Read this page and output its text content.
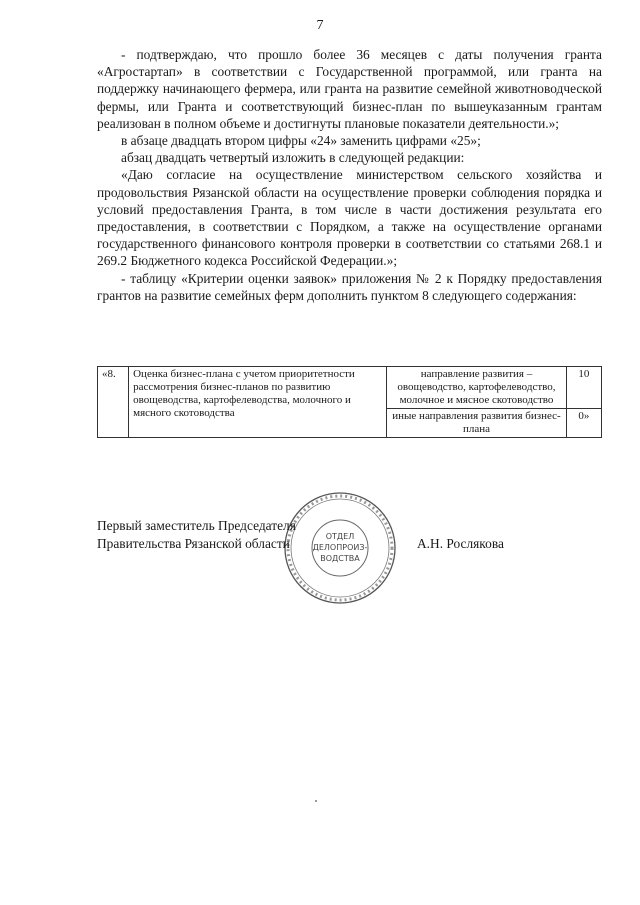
7

- подтверждаю, что прошло более 36 месяцев с даты получения гранта «Агростартап» в соответствии с Государственной программой, или гранта на поддержку начинающего фермера, или гранта на развитие семейной животноводческой фермы, или Гранта и соответствующий бизнес-план по вышеуказанным грантам реализован в полном объеме и достигнуты плановые показатели деятельности.»;

в абзаце двадцать втором цифры «24» заменить цифрами «25»;

абзац двадцать четвертый изложить в следующей редакции:

«Даю согласие на осуществление министерством сельского хозяйства и продовольствия Рязанской области на осуществление проверки соблюдения порядка и условий предоставления Гранта, в том числе в части достижения результата его предоставления, в соответствии с Порядком, а также на осуществление органами государственного финансового контроля проверки в соответствии со статьями 268.1 и 269.2 Бюджетного кодекса Российской Федерации.»;

- таблицу «Критерии оценки заявок» приложения № 2 к Порядку предоставления грантов на развитие семейных ферм дополнить пунктом 8 следующего содержания:

«8.	Оценка бизнес-плана с учетом приоритетности рассмотрения бизнес-планов по развитию овощеводства, картофелеводства, молочного и мясного скотоводства	направление развития – овощеводство, картофелеводство, молочное и мясное скотоводство	10
		иные направления развития бизнес-плана	0»
ОТДЕЛ
ДЕЛОПРОИЗ-
ВОДСТВА
Первый заместитель Председателя
Правительства Рязанской области	А.Н. Рослякова
